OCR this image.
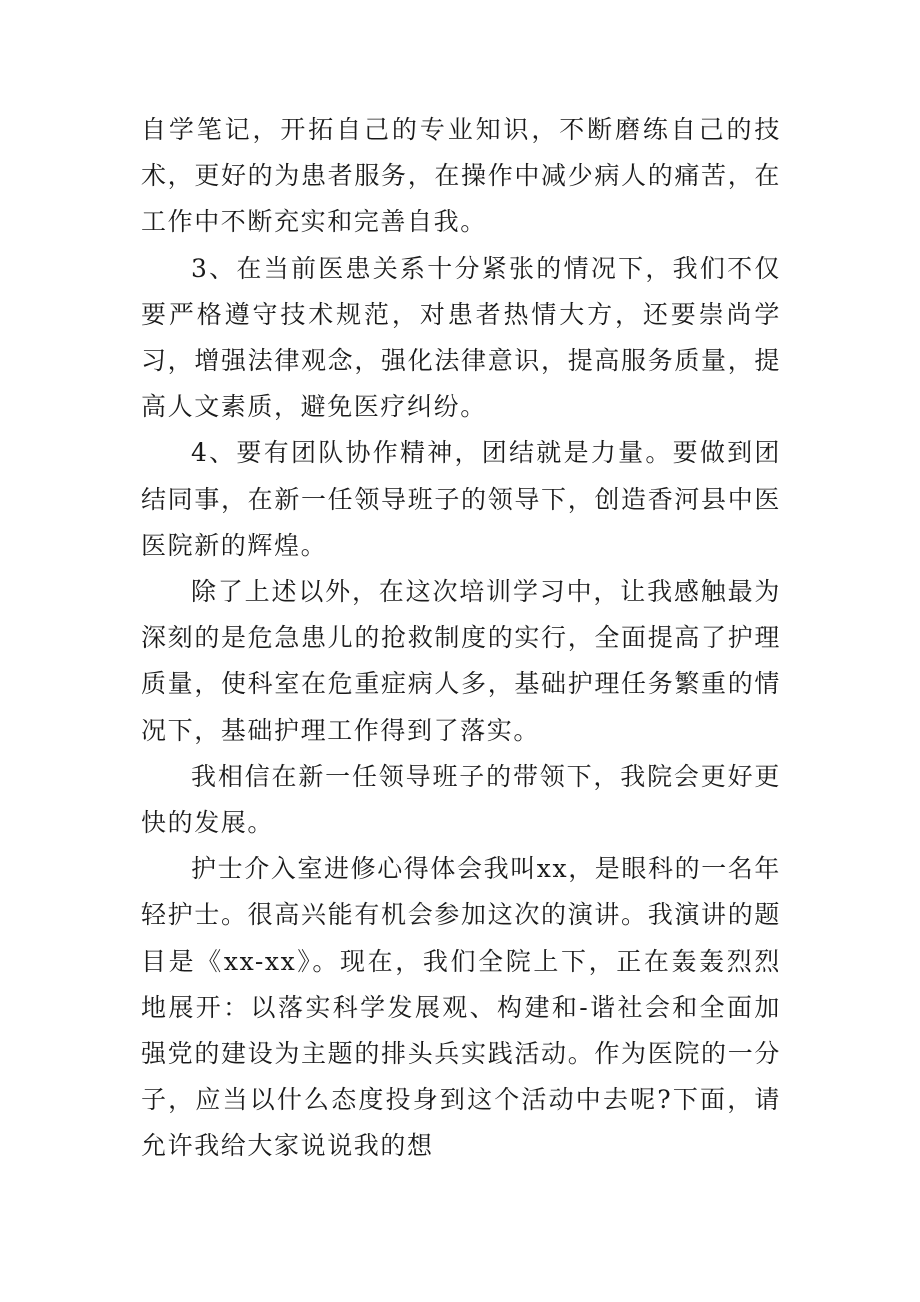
自学笔记，开拓自己的专业知识，不断磨练自己的技术，更好的为患者服务，在操作中减少病人的痛苦，在工作中不断充实和完善自我。

3、在当前医患关系十分紧张的情况下，我们不仅要严格遵守技术规范，对患者热情大方，还要崇尚学习，增强法律观念，强化法律意识，提高服务质量，提高人文素质，避免医疗纠纷。

4、要有团队协作精神，团结就是力量。要做到团结同事，在新一任领导班子的领导下，创造香河县中医医院新的辉煌。

除了上述以外，在这次培训学习中，让我感触最为深刻的是危急患儿的抢救制度的实行，全面提高了护理质量，使科室在危重症病人多，基础护理任务繁重的情况下，基础护理工作得到了落实。

我相信在新一任领导班子的带领下，我院会更好更快的发展。

护士介入室进修心得体会我叫xx，是眼科的一名年轻护士。很高兴能有机会参加这次的演讲。我演讲的题目是《xx-xx》。现在，我们全院上下，正在轰轰烈烈地展开：以落实科学发展观、构建和-谐社会和全面加强党的建设为主题的排头兵实践活动。作为医院的一分子，应当以什么态度投身到这个活动中去呢?下面，请允许我给大家说说我的想
